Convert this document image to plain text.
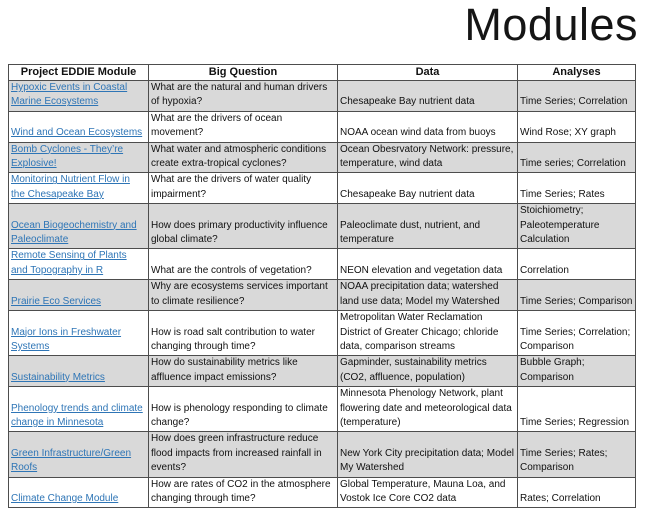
Modules
Project EDDIE Module	Big Question	Data	Analyses
Hypoxic Events in Coastal Marine Ecosystems	What are the natural and human drivers of hypoxia?	Chesapeake Bay nutrient data	Time Series; Correlation
Wind and Ocean Ecosystems	What are the drivers of ocean movement?	NOAA ocean wind data from buoys	Wind Rose; XY graph
Bomb Cyclones - They’re Explosive!	What water and atmospheric conditions create extra-tropical cyclones?	Ocean Obesrvatory Network: pressure, temperature, wind data	Time series; Correlation
Monitoring Nutrient Flow in the Chesapeake Bay	What are the drivers of water quality impairment?	Chesapeake Bay nutrient data	Time Series; Rates
Ocean Biogeochemistry and Paleoclimate	How does primary productivity influence global climate?	Paleoclimate dust, nutrient, and temperature	Stoichiometry; Paleotemperature Calculation
Remote Sensing of Plants and Topography in R	What are the controls of vegetation?	NEON elevation and vegetation data	Correlation
Prairie Eco Services	Why are ecosystems services important to climate resilience?	NOAA precipitation data; watershed land use data; Model my Watershed	Time Series; Comparison
Major Ions in Freshwater Systems	How is road salt contribution to water changing through time?	Metropolitan Water Reclamation District of Greater Chicago; chloride data, comparison streams	Time Series; Correlation; Comparison
Sustainability Metrics	How do sustainability metrics like affluence impact emissions?	Gapminder, sustainability metrics (CO2, affluence, population)	Bubble Graph; Comparison
Phenology trends and climate change in Minnesota	How is phenology responding to climate change?	Minnesota Phenology Network, plant flowering date and meteorological data (temperature)	Time Series; Regression
Green Infrastructure/Green Roofs	How does green infrastructure reduce flood impacts from increased rainfall in events?	New York City precipitation data; Model My Watershed	Time Series; Rates; Comparison
Climate Change Module	How are rates of CO2 in the atmosphere changing through time?	Global Temperature, Mauna Loa, and Vostok Ice Core CO2 data	Rates; Correlation
